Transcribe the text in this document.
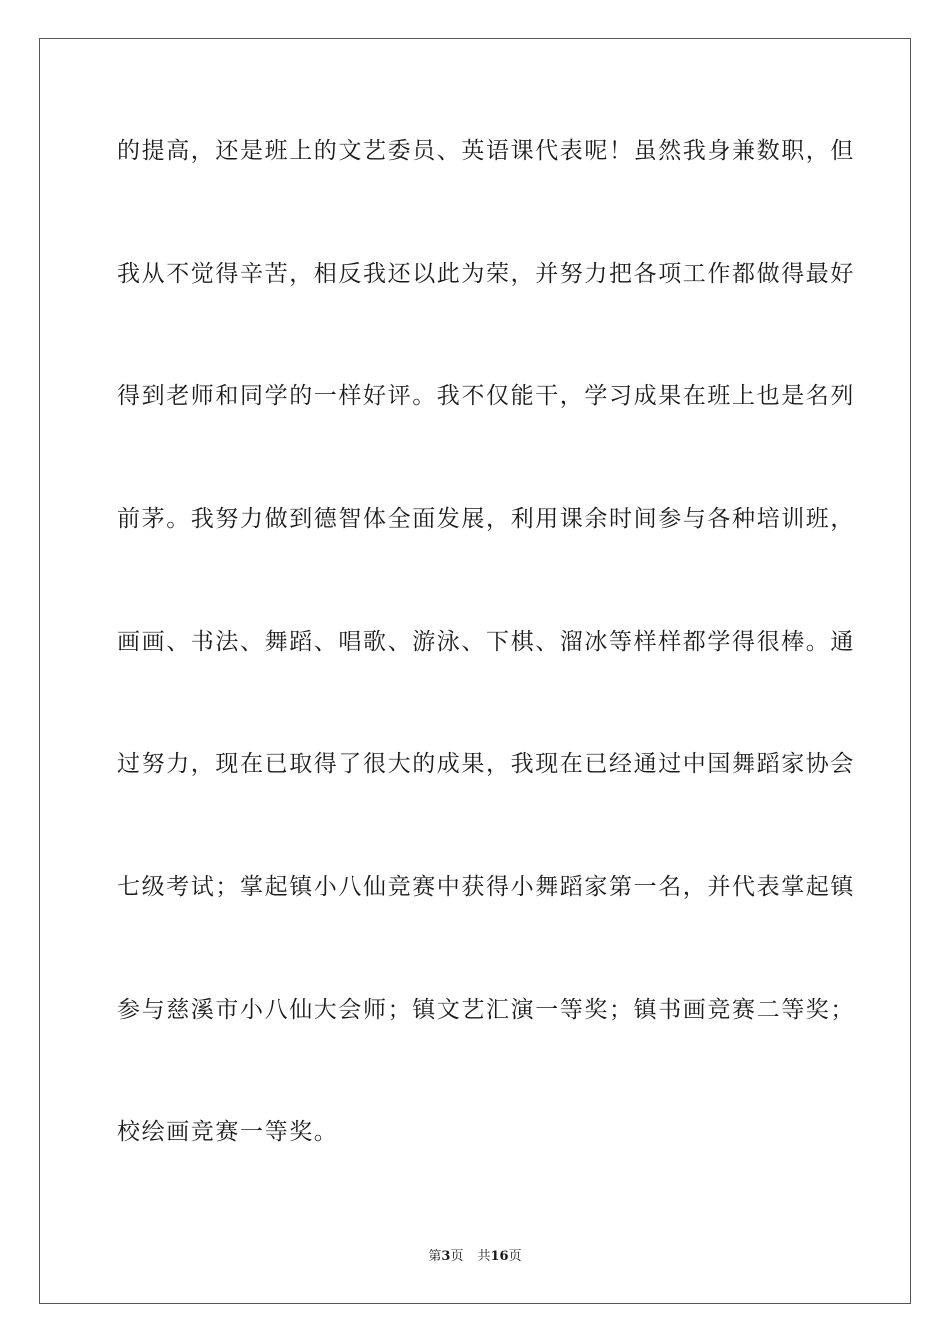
的提高，还是班上的文艺委员、英语课代表呢！虽然我身兼数职，但
我从不觉得辛苦，相反我还以此为荣，并努力把各项工作都做得最好
得到老师和同学的一样好评。我不仅能干，学习成果在班上也是名列
前茅。我努力做到德智体全面发展，利用课余时间参与各种培训班，
画画、书法、舞蹈、唱歌、游泳、下棋、溜冰等样样都学得很棒。通
过努力，现在已取得了很大的成果，我现在已经通过中国舞蹈家协会
七级考试；掌起镇小八仙竞赛中获得小舞蹈家第一名，并代表掌起镇
参与慈溪市小八仙大会师；镇文艺汇演一等奖；镇书画竞赛二等奖；
校绘画竞赛一等奖。
第3页 共16页
